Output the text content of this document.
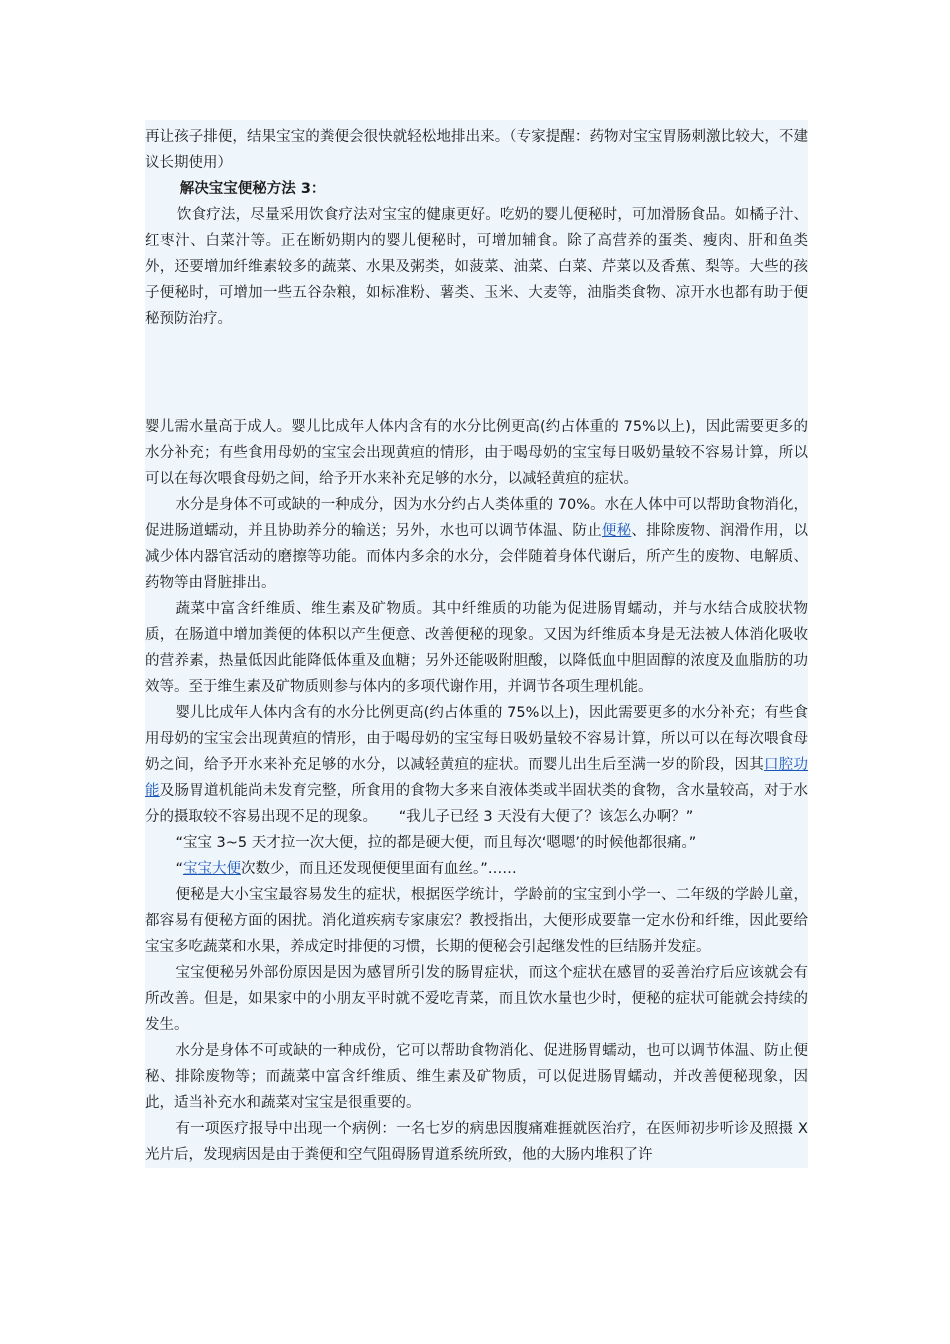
再让孩子排便，结果宝宝的粪便会很快就轻松地排出来。（专家提醒：药物对宝宝胃肠刺激比较大，不建议长期使用）

解决宝宝便秘方法 3：

饮食疗法，尽量采用饮食疗法对宝宝的健康更好。吃奶的婴儿便秘时，可加滑肠食品。如橘子汁、红枣汁、白菜汁等。正在断奶期内的婴儿便秘时，可增加辅食。除了高营养的蛋类、瘦肉、肝和鱼类外，还要增加纤维素较多的蔬菜、水果及粥类，如菠菜、油菜、白菜、芹菜以及香蕉、梨等。大些的孩子便秘时，可增加一些五谷杂粮，如标准粉、薯类、玉米、大麦等，油脂类食物、凉开水也都有助于便秘预防治疗。

婴儿需水量高于成人。婴儿比成年人体内含有的水分比例更高(约占体重的 75%以上)，因此需要更多的水分补充；有些食用母奶的宝宝会出现黄疸的情形，由于喝母奶的宝宝每日吸奶量较不容易计算，所以可以在每次喂食母奶之间，给予开水来补充足够的水分，以减轻黄疸的症状。

水分是身体不可或缺的一种成分，因为水分约占人类体重的 70%。水在人体中可以帮助食物消化，促进肠道蠕动，并且协助养分的输送；另外，水也可以调节体温、防止便秘、排除废物、润滑作用，以减少体内器官活动的磨擦等功能。而体内多余的水分，会伴随着身体代谢后，所产生的废物、电解质、药物等由肾脏排出。

蔬菜中富含纤维质、维生素及矿物质。其中纤维质的功能为促进肠胃蠕动，并与水结合成胶状物质，在肠道中增加粪便的体积以产生便意、改善便秘的现象。又因为纤维质本身是无法被人体消化吸收的营养素，热量低因此能降低体重及血糖；另外还能吸附胆酸，以降低血中胆固醇的浓度及血脂肪的功效等。至于维生素及矿物质则参与体内的多项代谢作用，并调节各项生理机能。

婴儿比成年人体内含有的水分比例更高(约占体重的 75%以上)，因此需要更多的水分补充；有些食用母奶的宝宝会出现黄疸的情形，由于喝母奶的宝宝每日吸奶量较不容易计算，所以可以在每次喂食母奶之间，给予开水来补充足够的水分，以减轻黄疸的症状。而婴儿出生后至满一岁的阶段，因其口腔功能及肠胃道机能尚未发育完整，所食用的食物大多来自液体类或半固状类的食物，含水量较高，对于水分的摄取较不容易出现不足的现象。　　“我儿子已经 3 天没有大便了？该怎么办啊？”

“宝宝 3~5 天才拉一次大便，拉的都是硬大便，而且每次‘嗯嗯’的时候他都很痛。”

“宝宝大便次数少，而且还发现便便里面有血丝。”……

便秘是大小宝宝最容易发生的症状，根据医学统计，学龄前的宝宝到小学一、二年级的学龄儿童，都容易有便秘方面的困扰。消化道疾病专家康宏？教授指出，大便形成要靠一定水份和纤维，因此要给宝宝多吃蔬菜和水果，养成定时排便的习惯，长期的便秘会引起继发性的巨结肠并发症。

宝宝便秘另外部份原因是因为感冒所引发的肠胃症状，而这个症状在感冒的妥善治疗后应该就会有所改善。但是，如果家中的小朋友平时就不爱吃青菜，而且饮水量也少时，便秘的症状可能就会持续的发生。

水分是身体不可或缺的一种成份，它可以帮助食物消化、促进肠胃蠕动，也可以调节体温、防止便秘、排除废物等；而蔬菜中富含纤维质、维生素及矿物质，可以促进肠胃蠕动，并改善便秘现象，因此，适当补充水和蔬菜对宝宝是很重要的。

有一项医疗报导中出现一个病例：一名七岁的病患因腹痛难捱就医治疗，在医师初步听诊及照摄 X 光片后，发现病因是由于粪便和空气阻碍肠胃道系统所致，他的大肠内堆积了许
